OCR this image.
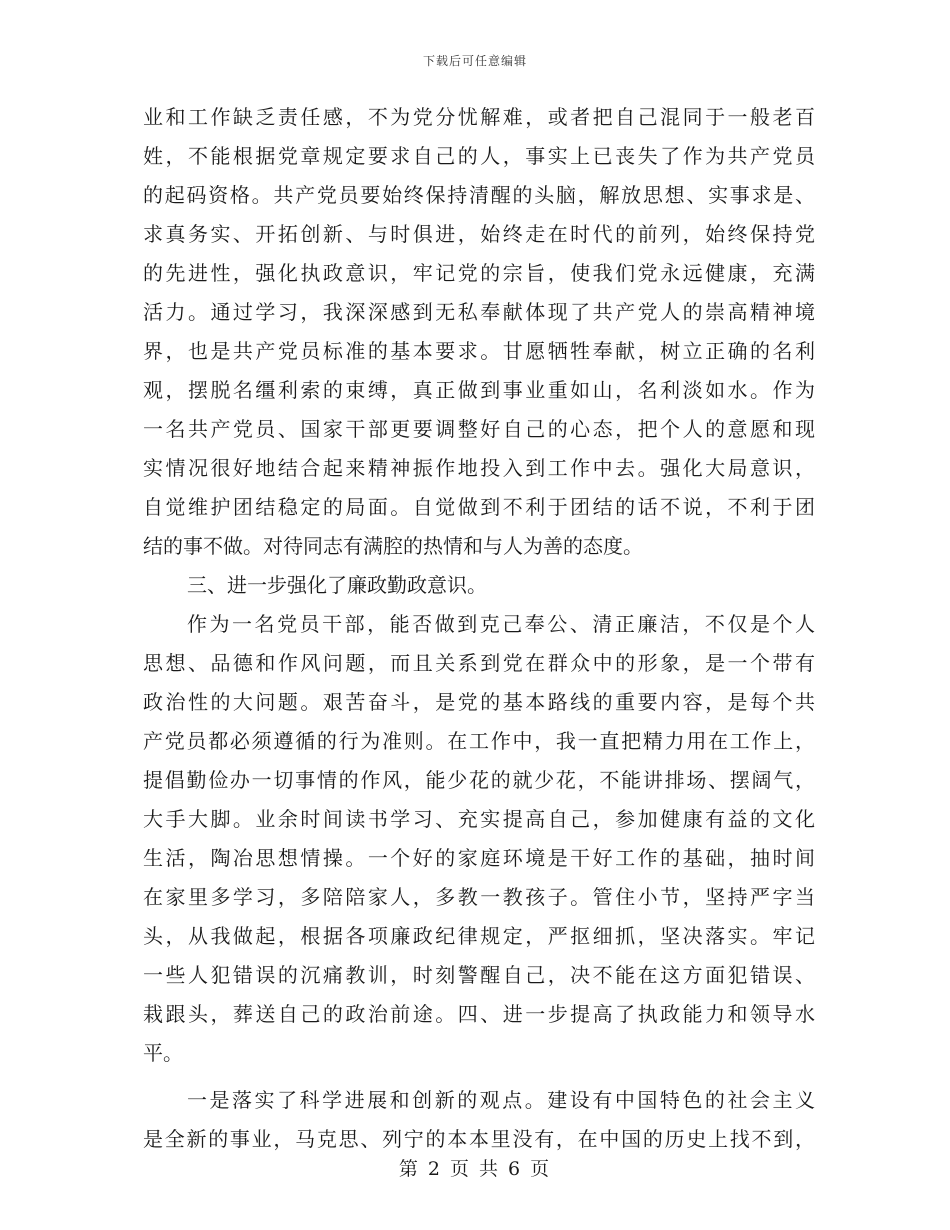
下载后可任意编辑
业和工作缺乏责任感，不为党分忧解难，或者把自己混同于一般老百
姓，不能根据党章规定要求自己的人，事实上已丧失了作为共产党员
的起码资格。共产党员要始终保持清醒的头脑，解放思想、实事求是、
求真务实、开拓创新、与时俱进，始终走在时代的前列，始终保持党
的先进性，强化执政意识，牢记党的宗旨，使我们党永远健康，充满
活力。通过学习，我深深感到无私奉献体现了共产党人的崇高精神境
界，也是共产党员标准的基本要求。甘愿牺牲奉献，树立正确的名利
观，摆脱名缰利索的束缚，真正做到事业重如山，名利淡如水。作为
一名共产党员、国家干部更要调整好自己的心态，把个人的意愿和现
实情况很好地结合起来精神振作地投入到工作中去。强化大局意识，
自觉维护团结稳定的局面。自觉做到不利于团结的话不说，不利于团
结的事不做。对待同志有满腔的热情和与人为善的态度。
三、进一步强化了廉政勤政意识。
作为一名党员干部，能否做到克己奉公、清正廉洁，不仅是个人
思想、品德和作风问题，而且关系到党在群众中的形象，是一个带有
政治性的大问题。艰苦奋斗，是党的基本路线的重要内容，是每个共
产党员都必须遵循的行为准则。在工作中，我一直把精力用在工作上，
提倡勤俭办一切事情的作风，能少花的就少花，不能讲排场、摆阔气，
大手大脚。业余时间读书学习、充实提高自己，参加健康有益的文化
生活，陶冶思想情操。一个好的家庭环境是干好工作的基础，抽时间
在家里多学习，多陪陪家人，多教一教孩子。管住小节，坚持严字当
头，从我做起，根据各项廉政纪律规定，严抠细抓，坚决落实。牢记
一些人犯错误的沉痛教训，时刻警醒自己，决不能在这方面犯错误、
栽跟头，葬送自己的政治前途。四、进一步提高了执政能力和领导水
平。
一是落实了科学进展和创新的观点。建设有中国特色的社会主义
是全新的事业，马克思、列宁的本本里没有，在中国的历史上找不到，
第 2 页 共 6 页
